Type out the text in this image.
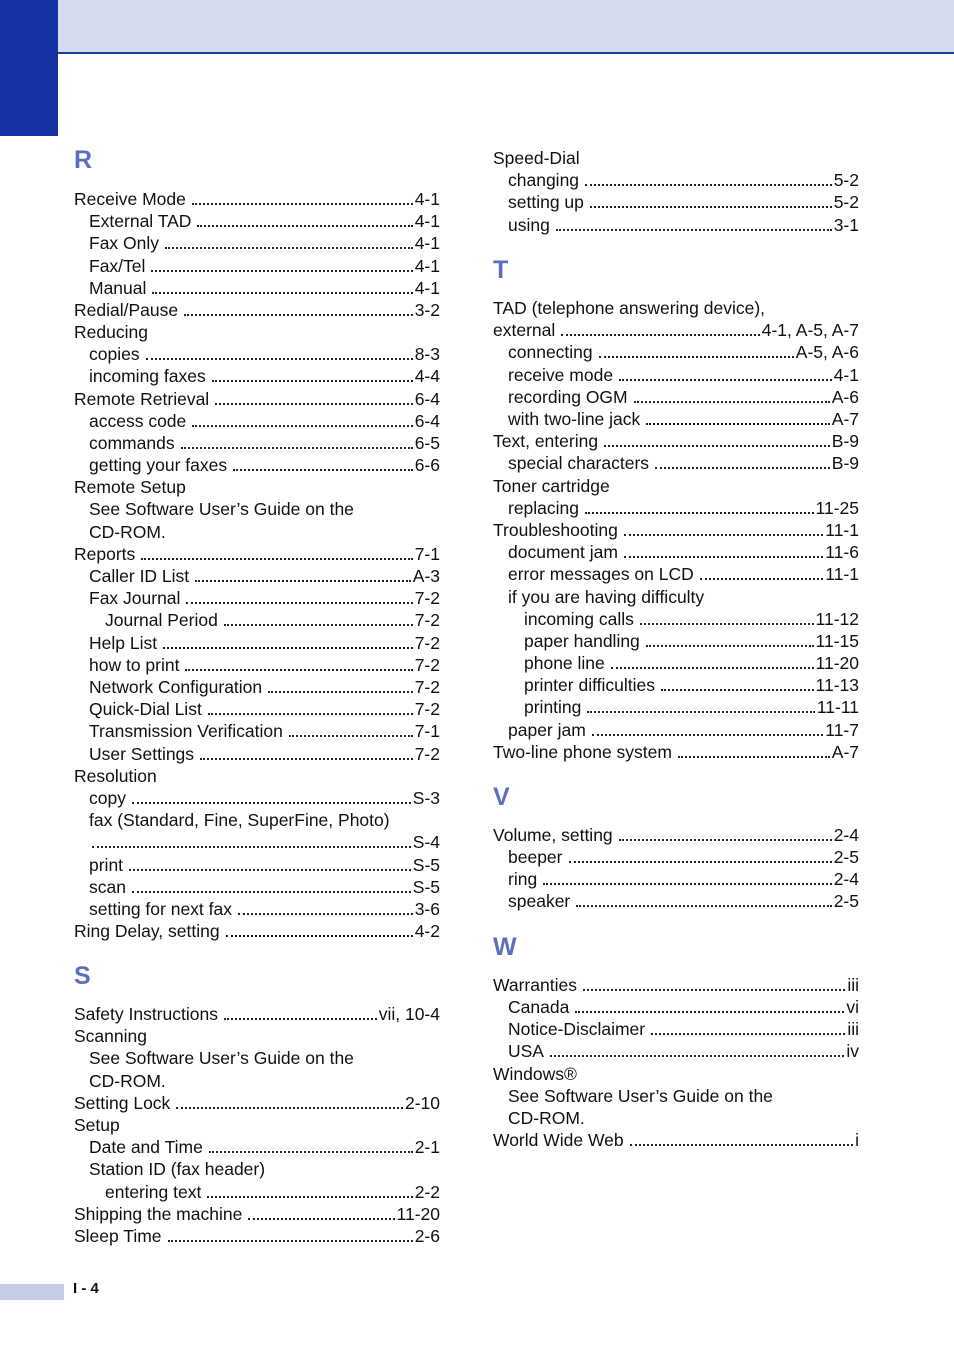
R
Receive Mode	4-1
External TAD	4-1
Fax Only	4-1
Fax/Tel	4-1
Manual	4-1
Redial/Pause	3-2
Reducing
copies	8-3
incoming faxes	4-4
Remote Retrieval	6-4
access code	6-4
commands	6-5
getting your faxes	6-6
Remote Setup
See Software User’s Guide on the
CD-ROM.
Reports	7-1
Caller ID List	A-3
Fax Journal	7-2
Journal Period	7-2
Help List	7-2
how to print	7-2
Network Configuration	7-2
Quick-Dial List	7-2
Transmission Verification	7-1
User Settings	7-2
Resolution
copy	S-3
fax (Standard, Fine, SuperFine, Photo)
S-4
print	S-5
scan	S-5
setting for next fax	3-6
Ring Delay, setting	4-2
S
Safety Instructions	vii, 10-4
Scanning
See Software User’s Guide on the
CD-ROM.
Setting Lock	2-10
Setup
Date and Time	2-1
Station ID (fax header)
entering text	2-2
Shipping the machine	11-20
Sleep Time	2-6
Speed-Dial
changing	5-2
setting up	5-2
using	3-1
T
TAD (telephone answering device),
external	4-1, A-5, A-7
connecting	A-5, A-6
receive mode	4-1
recording OGM	A-6
with two-line jack	A-7
Text, entering	B-9
special characters	B-9
Toner cartridge
replacing	11-25
Troubleshooting	11-1
document jam	11-6
error messages on LCD	11-1
if you are having difficulty
incoming calls	11-12
paper handling	11-15
phone line	11-20
printer difficulties	11-13
printing	11-11
paper jam	11-7
Two-line phone system	A-7
V
Volume, setting	2-4
beeper	2-5
ring	2-4
speaker	2-5
W
Warranties	iii
Canada	vi
Notice-Disclaimer	iii
USA	iv
Windows®
See Software User’s Guide on the
CD-ROM.
World Wide Web	i
I - 4
